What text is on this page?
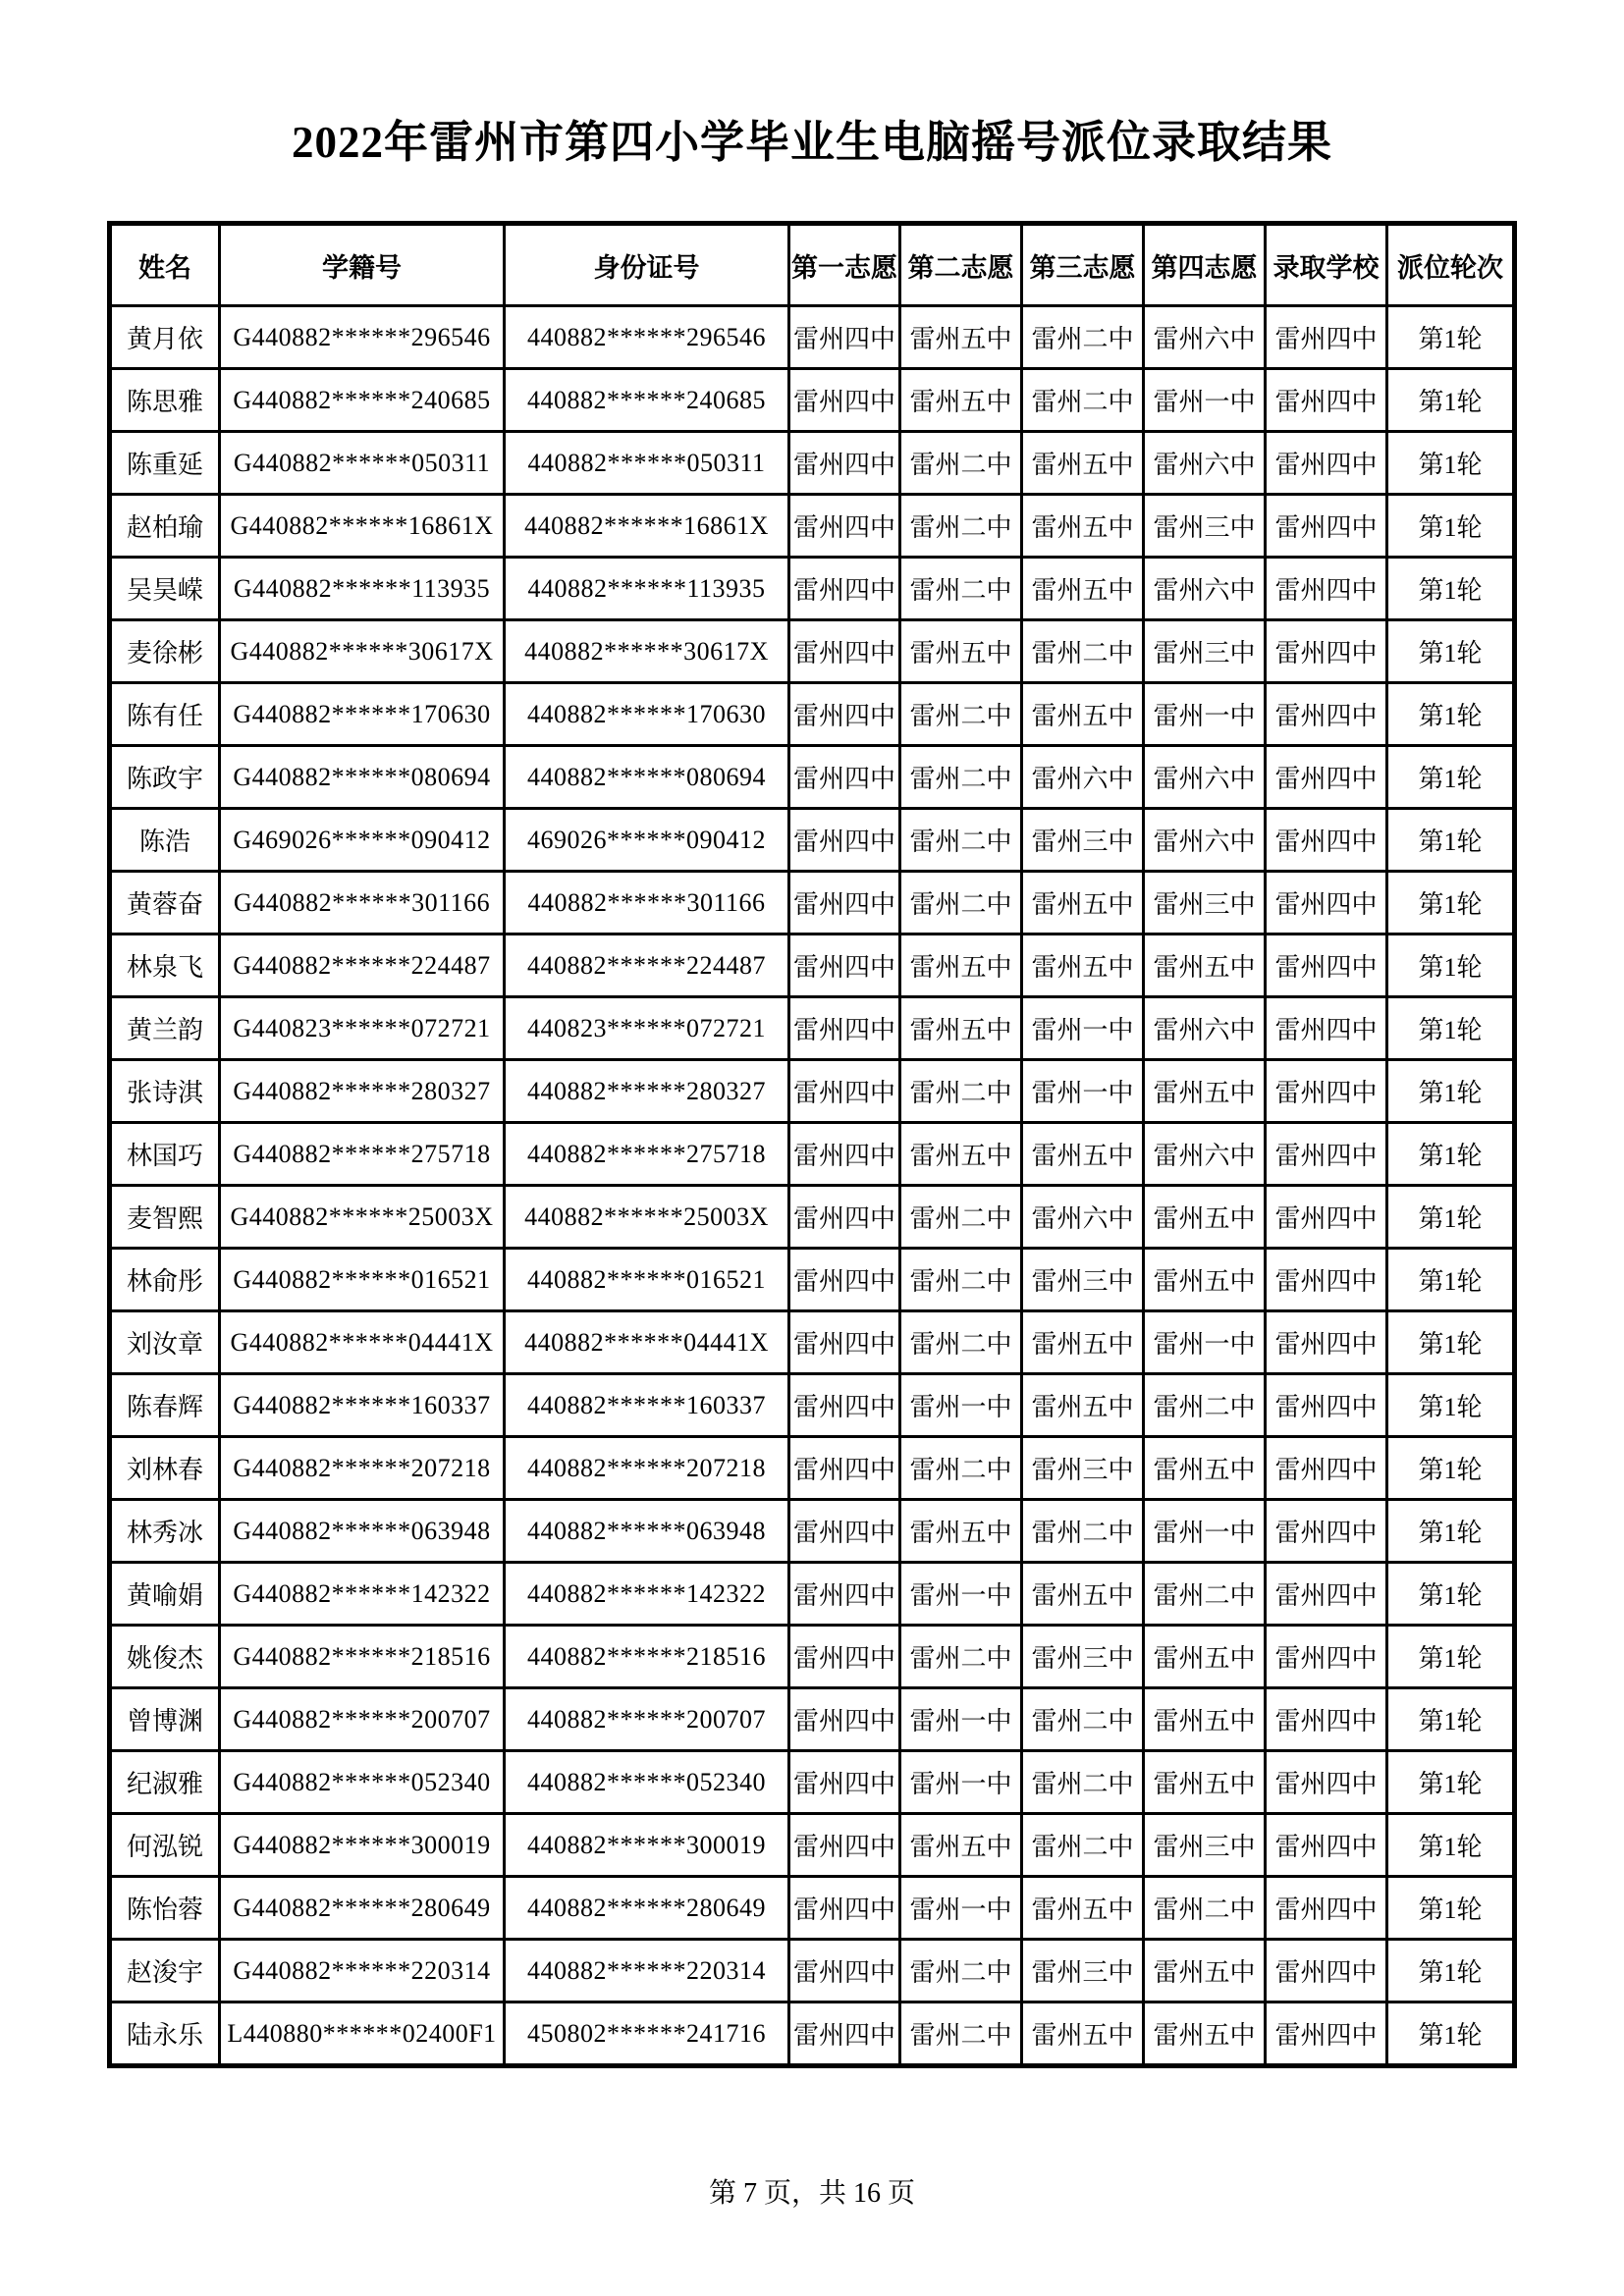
2022年雷州市第四小学毕业生电脑摇号派位录取结果
姓名	学籍号	身份证号	第一志愿	第二志愿	第三志愿	第四志愿	录取学校	派位轮次
黄月依	G440882******296546	440882******296546	雷州四中	雷州五中	雷州二中	雷州六中	雷州四中	第1轮
陈思雅	G440882******240685	440882******240685	雷州四中	雷州五中	雷州二中	雷州一中	雷州四中	第1轮
陈重延	G440882******050311	440882******050311	雷州四中	雷州二中	雷州五中	雷州六中	雷州四中	第1轮
赵柏瑜	G440882******16861X	440882******16861X	雷州四中	雷州二中	雷州五中	雷州三中	雷州四中	第1轮
吴昊嵘	G440882******113935	440882******113935	雷州四中	雷州二中	雷州五中	雷州六中	雷州四中	第1轮
麦徐彬	G440882******30617X	440882******30617X	雷州四中	雷州五中	雷州二中	雷州三中	雷州四中	第1轮
陈有任	G440882******170630	440882******170630	雷州四中	雷州二中	雷州五中	雷州一中	雷州四中	第1轮
陈政宇	G440882******080694	440882******080694	雷州四中	雷州二中	雷州六中	雷州六中	雷州四中	第1轮
陈浩	G469026******090412	469026******090412	雷州四中	雷州二中	雷州三中	雷州六中	雷州四中	第1轮
黄蓉奋	G440882******301166	440882******301166	雷州四中	雷州二中	雷州五中	雷州三中	雷州四中	第1轮
林泉飞	G440882******224487	440882******224487	雷州四中	雷州五中	雷州五中	雷州五中	雷州四中	第1轮
黄兰韵	G440823******072721	440823******072721	雷州四中	雷州五中	雷州一中	雷州六中	雷州四中	第1轮
张诗淇	G440882******280327	440882******280327	雷州四中	雷州二中	雷州一中	雷州五中	雷州四中	第1轮
林国巧	G440882******275718	440882******275718	雷州四中	雷州五中	雷州五中	雷州六中	雷州四中	第1轮
麦智熙	G440882******25003X	440882******25003X	雷州四中	雷州二中	雷州六中	雷州五中	雷州四中	第1轮
林俞彤	G440882******016521	440882******016521	雷州四中	雷州二中	雷州三中	雷州五中	雷州四中	第1轮
刘汝章	G440882******04441X	440882******04441X	雷州四中	雷州二中	雷州五中	雷州一中	雷州四中	第1轮
陈春辉	G440882******160337	440882******160337	雷州四中	雷州一中	雷州五中	雷州二中	雷州四中	第1轮
刘林春	G440882******207218	440882******207218	雷州四中	雷州二中	雷州三中	雷州五中	雷州四中	第1轮
林秀冰	G440882******063948	440882******063948	雷州四中	雷州五中	雷州二中	雷州一中	雷州四中	第1轮
黄喻娟	G440882******142322	440882******142322	雷州四中	雷州一中	雷州五中	雷州二中	雷州四中	第1轮
姚俊杰	G440882******218516	440882******218516	雷州四中	雷州二中	雷州三中	雷州五中	雷州四中	第1轮
曾博渊	G440882******200707	440882******200707	雷州四中	雷州一中	雷州二中	雷州五中	雷州四中	第1轮
纪淑雅	G440882******052340	440882******052340	雷州四中	雷州一中	雷州二中	雷州五中	雷州四中	第1轮
何泓锐	G440882******300019	440882******300019	雷州四中	雷州五中	雷州二中	雷州三中	雷州四中	第1轮
陈怡蓉	G440882******280649	440882******280649	雷州四中	雷州一中	雷州五中	雷州二中	雷州四中	第1轮
赵浚宇	G440882******220314	440882******220314	雷州四中	雷州二中	雷州三中	雷州五中	雷州四中	第1轮
陆永乐	L440880******02400F1	450802******241716	雷州四中	雷州二中	雷州五中	雷州五中	雷州四中	第1轮
第 7 页，共 16 页
